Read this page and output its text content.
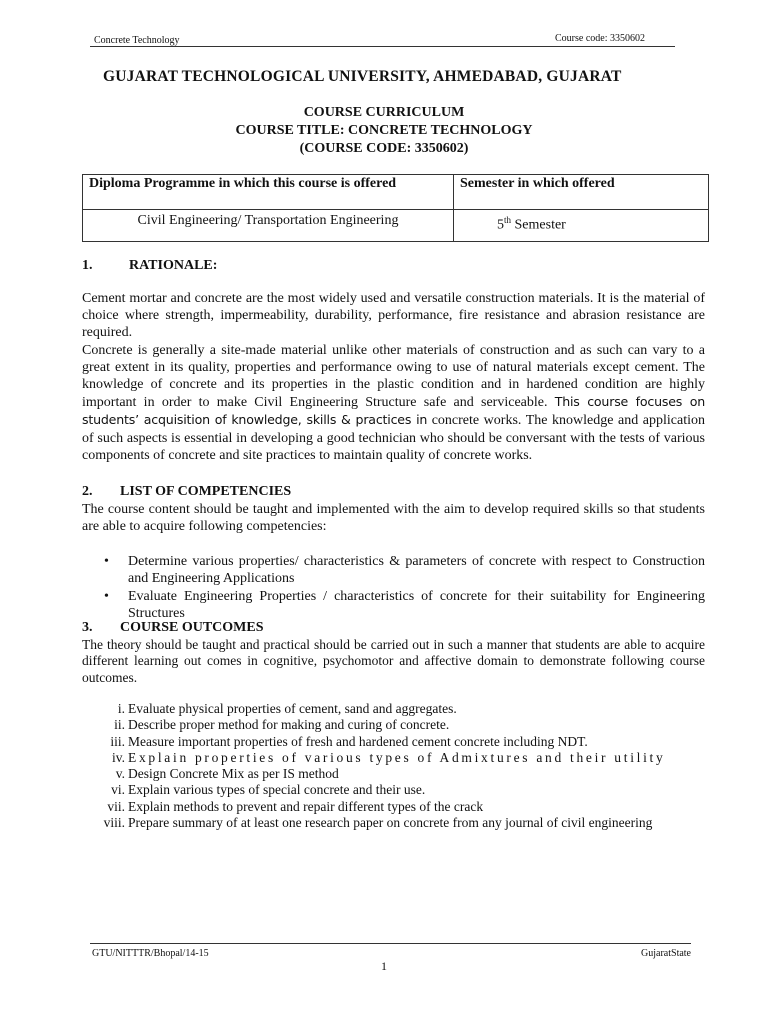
Concrete Technology	Course code: 3350602
GUJARAT TECHNOLOGICAL UNIVERSITY, AHMEDABAD, GUJARAT
COURSE CURRICULUM
COURSE TITLE: CONCRETE TECHNOLOGY
(COURSE CODE: 3350602)
Diploma Programme in which this course is offered	Semester in which offered
Civil Engineering/ Transportation Engineering	5th Semester
1.	RATIONALE:

Cement mortar and concrete are the most widely used and versatile construction materials. It is the material of choice where strength, impermeability, durability, performance, fire resistance and abrasion resistance are required.

Concrete is generally a site-made material unlike other materials of construction and as such can vary to a great extent in its quality, properties and performance owing to use of natural materials except cement. The knowledge of concrete and its properties in the plastic condition and in hardened condition are highly important in order to make Civil Engineering Structure safe and serviceable. This course focuses on students’ acquisition of knowledge, skills & practices in concrete works. The knowledge and application of such aspects is essential in developing a good technician who should be conversant with the tests of various components of concrete and site practices to maintain quality of concrete works.

2. LIST OF COMPETENCIES
The course content should be taught and implemented with the aim to develop required skills so that students are able to acquire following competencies:
• Determine various properties/ characteristics & parameters of concrete with respect to Construction and Engineering Applications
• Evaluate Engineering Properties / characteristics of concrete for their suitability for Engineering Structures
3. COURSE OUTCOMES
The theory should be taught and practical should be carried out in such a manner that students are able to acquire different learning out comes in cognitive, psychomotor and affective domain to demonstrate following course outcomes.
i. Evaluate physical properties of cement, sand and aggregates.
ii. Describe proper method for making and curing of concrete.
iii. Measure important properties of fresh and hardened cement concrete including NDT.
iv. Explain properties of various types of Admixtures and their utility
v. Design Concrete Mix as per IS method
vi. Explain various types of special concrete and their use.
vii. Explain methods to prevent and repair different types of the crack
viii. Prepare summary of at least one research paper on concrete from any journal of civil engineering
GTU/NITTTR/Bhopal/14-15	GujaratState
1
